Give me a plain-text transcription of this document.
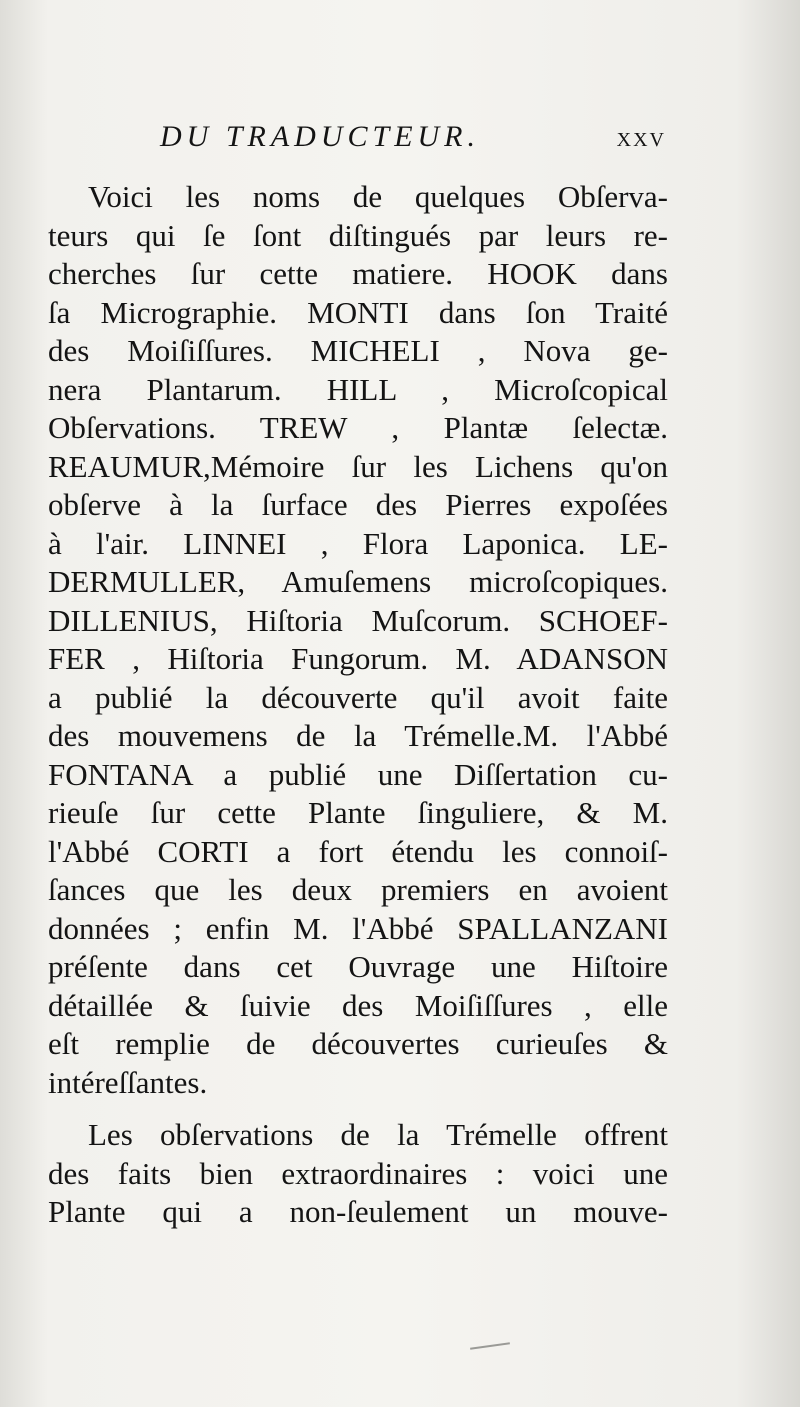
DU TRADUCTEUR.	xxv
Voici les noms de quelques Obſerva-
teurs qui ſe ſont diſtingués par leurs re-
cherches ſur cette matiere. HOOK dans
ſa Micrographie. MONTI dans ſon Traité
des Moiſiſſures. MICHELI , Nova ge-
nera Plantarum. HILL , Microſcopical
Obſervations. TREW , Plantæ ſelectæ.
REAUMUR,Mémoire ſur les Lichens qu'on
obſerve à la ſurface des Pierres expoſées
à l'air. LINNEI , Flora Laponica. LE-
DERMULLER, Amuſemens microſcopiques.
DILLENIUS, Hiſtoria Muſcorum. SCHOEF-
FER , Hiſtoria Fungorum. M. ADANSON
a publié la découverte qu'il avoit faite
des mouvemens de la Trémelle.M. l'Abbé
FONTANA a publié une Diſſertation cu-
rieuſe ſur cette Plante ſinguliere, & M.
l'Abbé CORTI a fort étendu les connoiſ-
ſances que les deux premiers en avoient
données ; enfin M. l'Abbé SPALLANZANI
préſente dans cet Ouvrage une Hiſtoire
détaillée & ſuivie des Moiſiſſures , elle
eſt remplie de découvertes curieuſes &
intéreſſantes.
Les obſervations de la Trémelle offrent
des faits bien extraordinaires : voici une
Plante qui a non-ſeulement un mouve-
